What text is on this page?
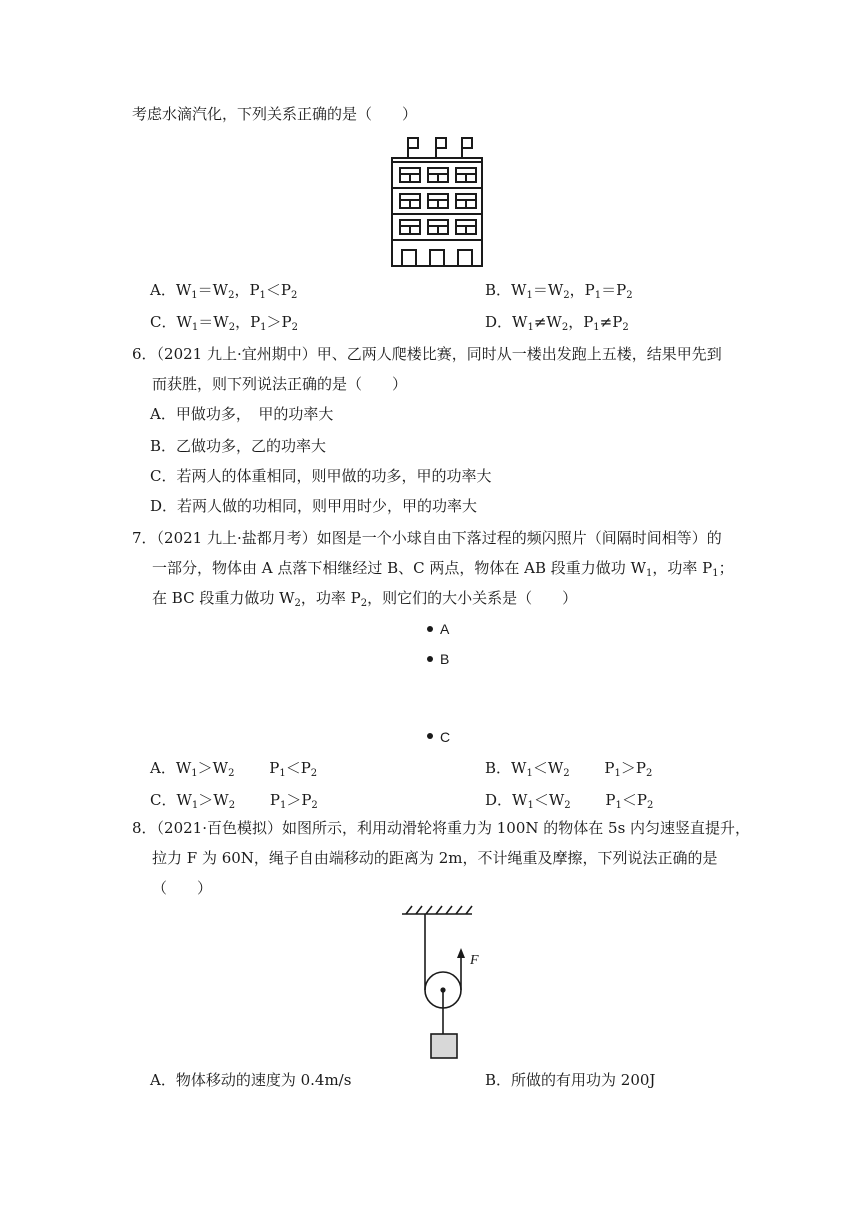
考虑水滴汽化，下列关系正确的是（　　）
A．$W_1=W_2$，$P_1<P_2$	B．$W_1=W_2$，$P_1=P_2$
C．$W_1=W_2$，$P_1>P_2$	D．$W_1\ne W_2$，$P_1\ne P_2$
6．（2021 九上·宜州期中）甲、乙两人爬楼比赛，同时从一楼出发跑上五楼，结果甲先到
而获胜，则下列说法正确的是（　　）
A．甲做功多，　甲的功率大
B．乙做功多，乙的功率大
C．若两人的体重相同，则甲做的功多，甲的功率大
D．若两人做的功相同，则甲用时少，甲的功率大
7．（2021 九上·盐都月考）如图是一个小球自由下落过程的频闪照片（间隔时间相等）的
一部分，物体由 A 点落下相继经过 B、C 两点，物体在 AB 段重力做功 $W_1$，功率 $P_1$；
在 BC 段重力做功 $W_2$，功率 $P_2$，则它们的大小关系是（　　）
A
B
C
A．$W_1>W_2$ $P_1<P_2$	B．$W_1<W_2$ $P_1>P_2$
C．$W_1>W_2$ $P_1>P_2$	D．$W_1<W_2$ $P_1<P_2$
8．（2021·百色模拟）如图所示，利用动滑轮将重力为 100N 的物体在 5s 内匀速竖直提升，
拉力 F 为 60N，绳子自由端移动的距离为 2m，不计绳重及摩擦，下列说法正确的是
（　　）
F
A．物体移动的速度为 0.4m/s	B．所做的有用功为 200J
